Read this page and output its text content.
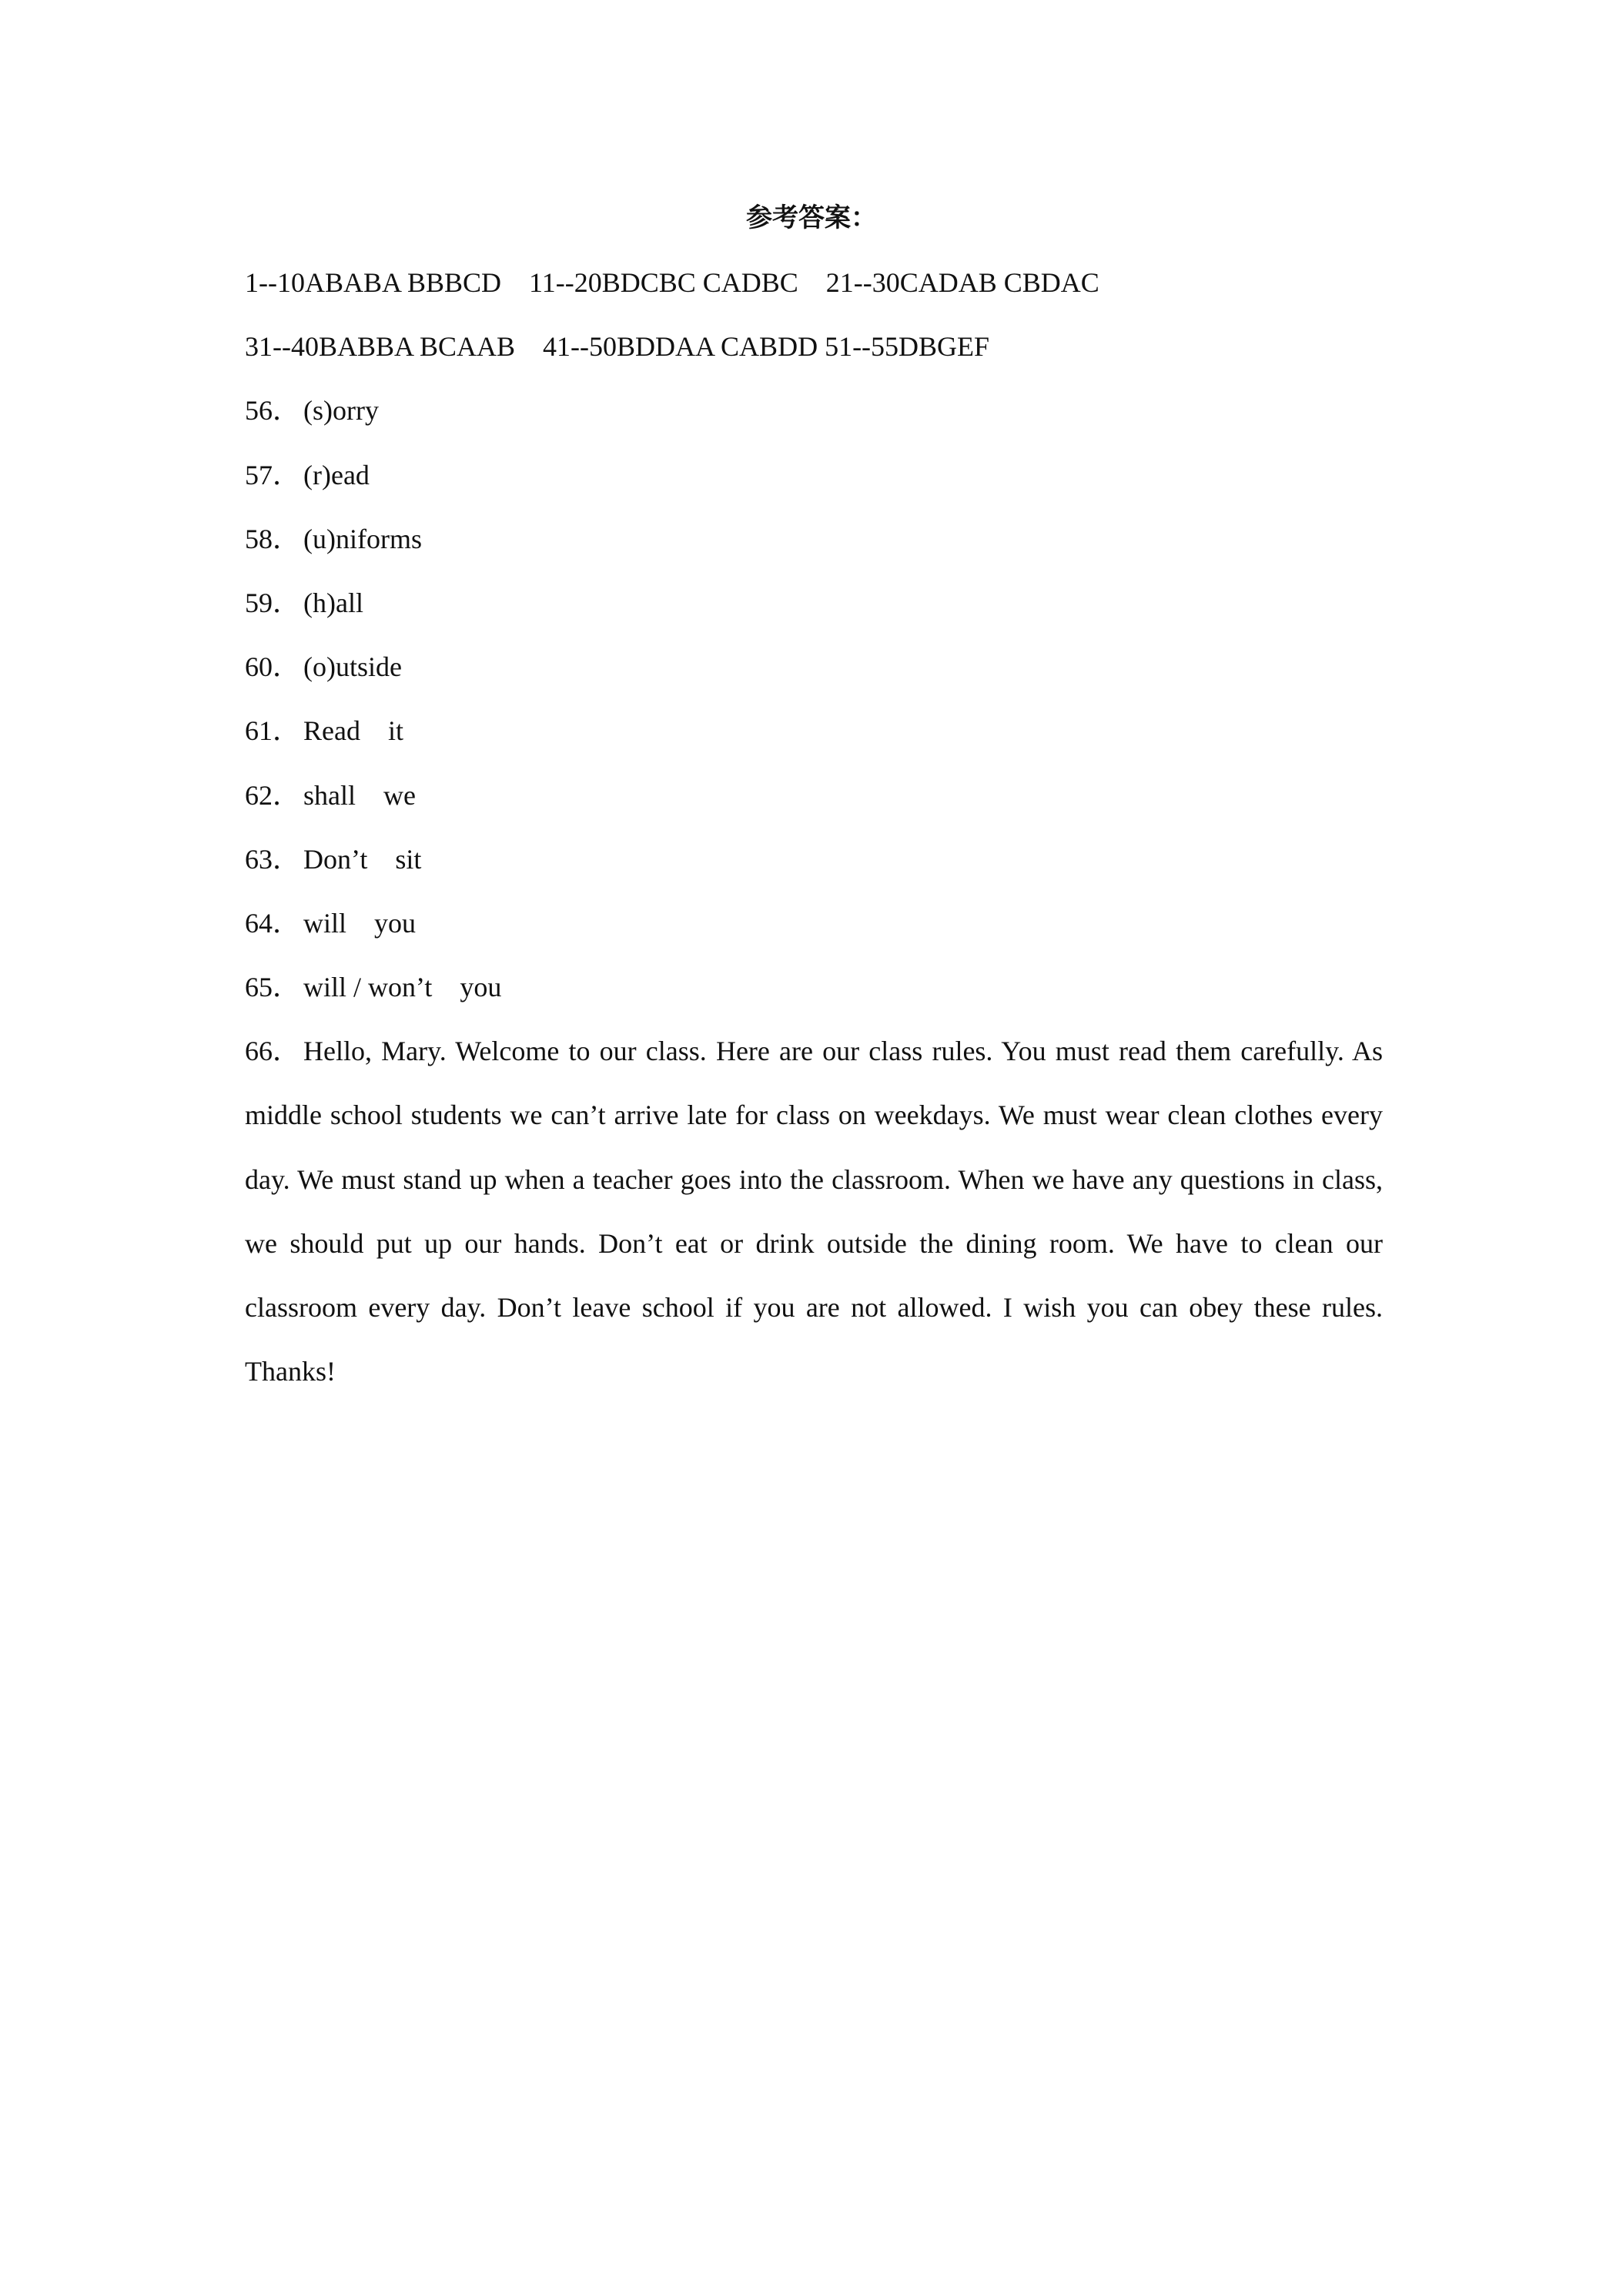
参考答案：
1--10ABABA BBBCD    11--20BDCBC CADBC    21--30CADAB CBDAC
31--40BABBA BCAAB    41--50BDDAA CABDD 51--55DBGEF
56． (s)orry
57． (r)ead
58． (u)niforms
59． (h)all
60． (o)utside
61． Read    it
62． shall    we
63． Don’t    sit
64． will    you
65． will / won’t    you
66． Hello, Mary. Welcome to our class. Here are our class rules. You must read them carefully. As middle school students we can’t arrive late for class on weekdays. We must wear clean clothes every day. We must stand up when a teacher goes into the classroom. When we have any questions in class, we should put up our hands. Don’t eat or drink outside the dining room. We have to clean our classroom every day. Don’t leave school if you are not allowed. I wish you can obey these rules. Thanks!
